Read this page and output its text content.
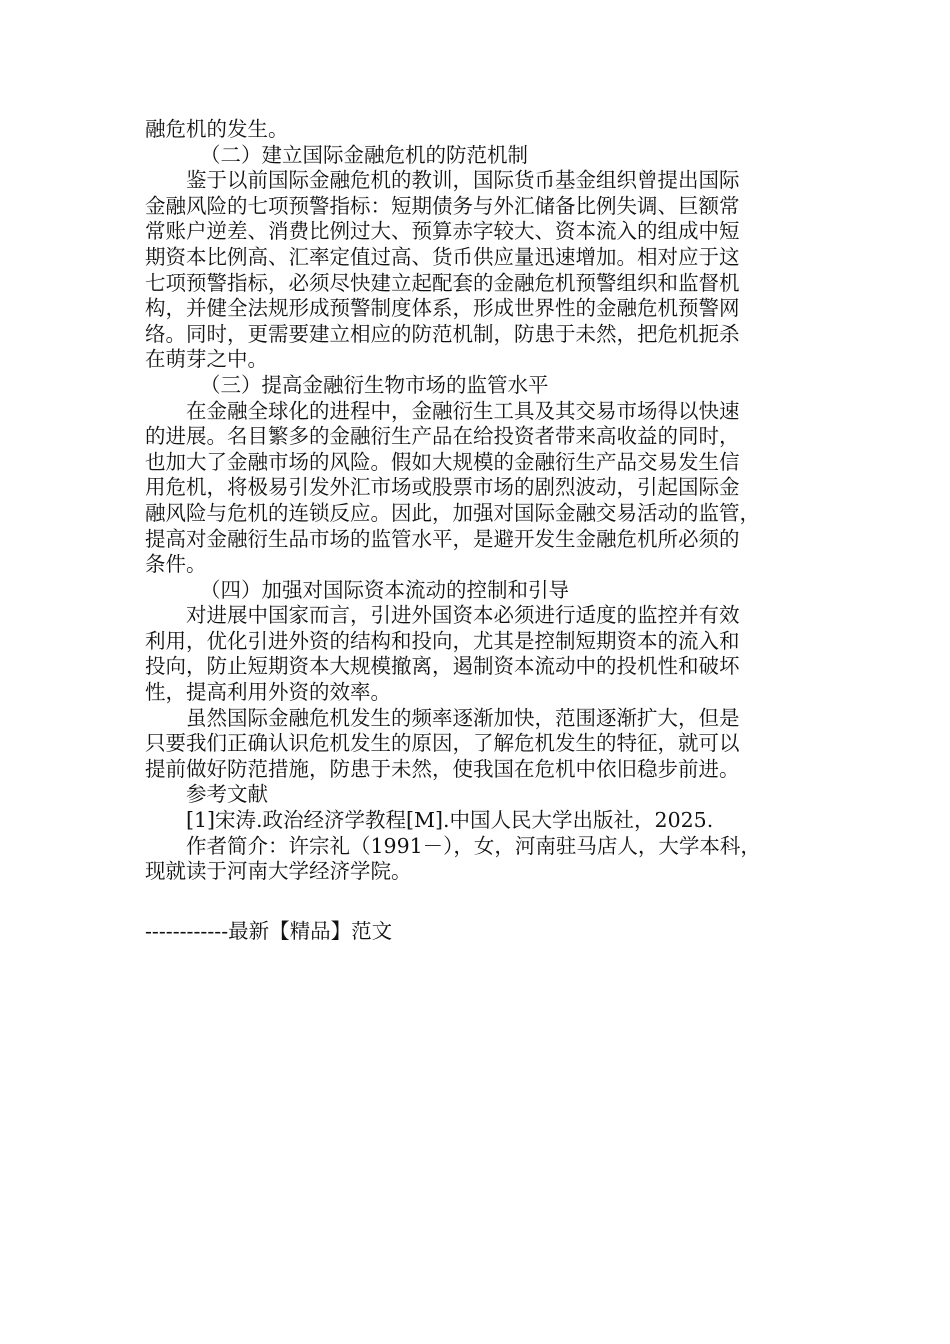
融危机的发生。
（二）建立国际金融危机的防范机制
鉴于以前国际金融危机的教训，国际货币基金组织曾提出国际
金融风险的七项预警指标：短期债务与外汇储备比例失调、巨额常
常账户逆差、消费比例过大、预算赤字较大、资本流入的组成中短
期资本比例高、汇率定值过高、货币供应量迅速增加。相对应于这
七项预警指标，必须尽快建立起配套的金融危机预警组织和监督机
构，并健全法规形成预警制度体系，形成世界性的金融危机预警网
络。同时，更需要建立相应的防范机制，防患于未然，把危机扼杀
在萌芽之中。
（三）提高金融衍生物市场的监管水平
在金融全球化的进程中，金融衍生工具及其交易市场得以快速
的进展。名目繁多的金融衍生产品在给投资者带来高收益的同时，
也加大了金融市场的风险。假如大规模的金融衍生产品交易发生信
用危机，将极易引发外汇市场或股票市场的剧烈波动，引起国际金
融风险与危机的连锁反应。因此，加强对国际金融交易活动的监管，
提高对金融衍生品市场的监管水平，是避开发生金融危机所必须的
条件。
（四）加强对国际资本流动的控制和引导
对进展中国家而言，引进外国资本必须进行适度的监控并有效
利用，优化引进外资的结构和投向，尤其是控制短期资本的流入和
投向，防止短期资本大规模撤离，遏制资本流动中的投机性和破坏
性，提高利用外资的效率。
虽然国际金融危机发生的频率逐渐加快，范围逐渐扩大，但是
只要我们正确认识危机发生的原因，了解危机发生的特征，就可以
提前做好防范措施，防患于未然，使我国在危机中依旧稳步前进。
参考文献
[1]宋涛.政治经济学教程[M].中国人民大学出版社，2025.
作者简介：许宗礼（1991－），女，河南驻马店人，大学本科，
现就读于河南大学经济学院。
------------最新【精品】范文
